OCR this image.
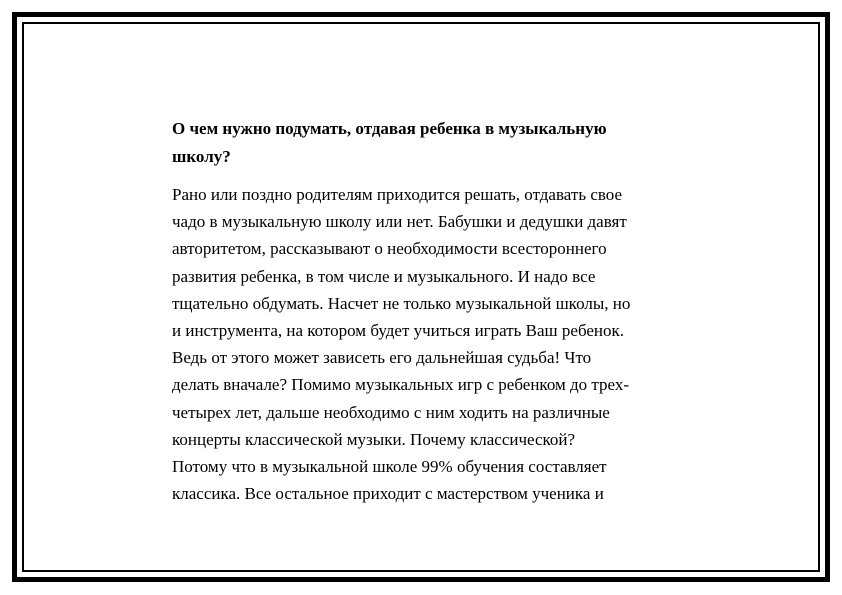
О чем нужно подумать, отдавая ребенка в музыкальную
школу?

Рано или поздно родителям приходится решать, отдавать свое
чадо в музыкальную школу или нет. Бабушки и дедушки давят
авторитетом, рассказывают о необходимости всестороннего
развития ребенка, в том числе и музыкального. И надо все
тщательно обдумать. Насчет не только музыкальной школы, но
и инструмента, на котором будет учиться играть Ваш ребенок.
Ведь от этого может зависеть его дальнейшая судьба! Что
делать вначале? Помимо музыкальных игр с ребенком до трех-
четырех лет, дальше необходимо с ним ходить на различные
концерты классической музыки. Почему классической?
Потому что в музыкальной школе 99% обучения составляет
классика. Все остальное приходит с мастерством ученика и
